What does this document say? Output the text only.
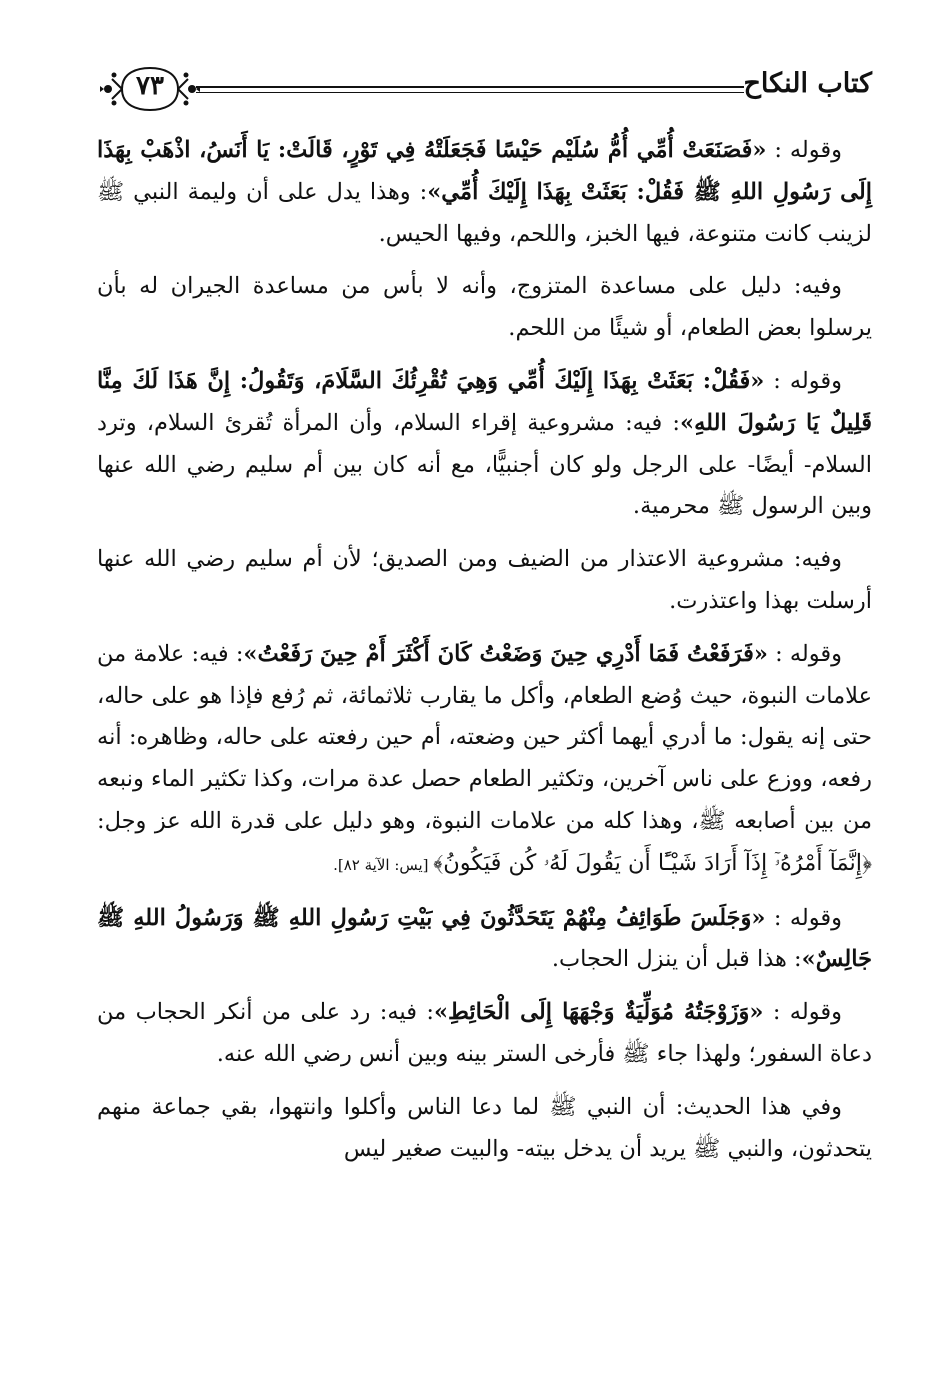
كتاب النكاح
٧٣

وقوله : «فَصَنَعَتْ أُمِّي أُمُّ سُلَيْم حَيْسًا فَجَعَلَتْهُ فِي تَوْرٍ، قَالَتْ: يَا أَنَسُ، اذْهَبْ بِهَذَا إِلَى رَسُولِ اللهِ ﷺ فَقُلْ: بَعَثَتْ بِهَذَا إِلَيْكَ أُمِّي»: وهذا يدل على أن وليمة النبي ﷺ لزينب كانت متنوعة، فيها الخبز، واللحم، وفيها الحيس.

وفيه: دليل على مساعدة المتزوج، وأنه لا بأس من مساعدة الجيران له بأن يرسلوا بعض الطعام، أو شيئًا من اللحم.

وقوله : «فَقُلْ: بَعَثَتْ بِهَذَا إِلَيْكَ أُمِّي وَهِيَ تُقْرِئُكَ السَّلَامَ، وَتَقُولُ: إِنَّ هَذَا لَكَ مِنَّا قَلِيلٌ يَا رَسُولَ اللهِ»: فيه: مشروعية إقراء السلام، وأن المرأة تُقرئ السلام، وترد السلام- أيضًا- على الرجل ولو كان أجنبيًّا، مع أنه كان بين أم سليم رضي الله عنها وبين الرسول ﷺ محرمية.

وفيه: مشروعية الاعتذار من الضيف ومن الصديق؛ لأن أم سليم رضي الله عنها أرسلت بهذا واعتذرت.

وقوله : «فَرَفَعْتُ فَمَا أَدْرِي حِينَ وَضَعْتُ كَانَ أَكْثَرَ أَمْ حِينَ رَفَعْتُ»: فيه: علامة من علامات النبوة، حيث وُضع الطعام، وأكل ما يقارب ثلاثمائة، ثم رُفع فإذا هو على حاله، حتى إنه يقول: ما أدري أيهما أكثر حين وضعته، أم حين رفعته على حاله، وظاهره: أنه رفعه، ووزع على ناس آخرين، وتكثير الطعام حصل عدة مرات، وكذا تكثير الماء ونبعه من بين أصابعه ﷺ، وهذا كله من علامات النبوة، وهو دليل على قدرة الله عز وجل: ﴿إِنَّمَآ أَمْرُهُۥٓ إِذَآ أَرَادَ شَيْـًٔا أَن يَقُولَ لَهُۥ كُن فَيَكُونُ﴾ [يس: الآية ٨٢].

وقوله : «وَجَلَسَ طَوَائِفُ مِنْهُمْ يَتَحَدَّثُونَ فِي بَيْتِ رَسُولِ اللهِ ﷺ وَرَسُولُ اللهِ ﷺ جَالِسٌ»: هذا قبل أن ينزل الحجاب.

وقوله : «وَزَوْجَتُهُ مُوَلِّيَةٌ وَجْهَهَا إِلَى الْحَائِطِ»: فيه: رد على من أنكر الحجاب من دعاة السفور؛ ولهذا جاء ﷺ فأرخى الستر بينه وبين أنس رضي الله عنه.

وفي هذا الحديث: أن النبي ﷺ لما دعا الناس وأكلوا وانتهوا، بقي جماعة منهم يتحدثون، والنبي ﷺ يريد أن يدخل بيته- والبيت صغير ليس
